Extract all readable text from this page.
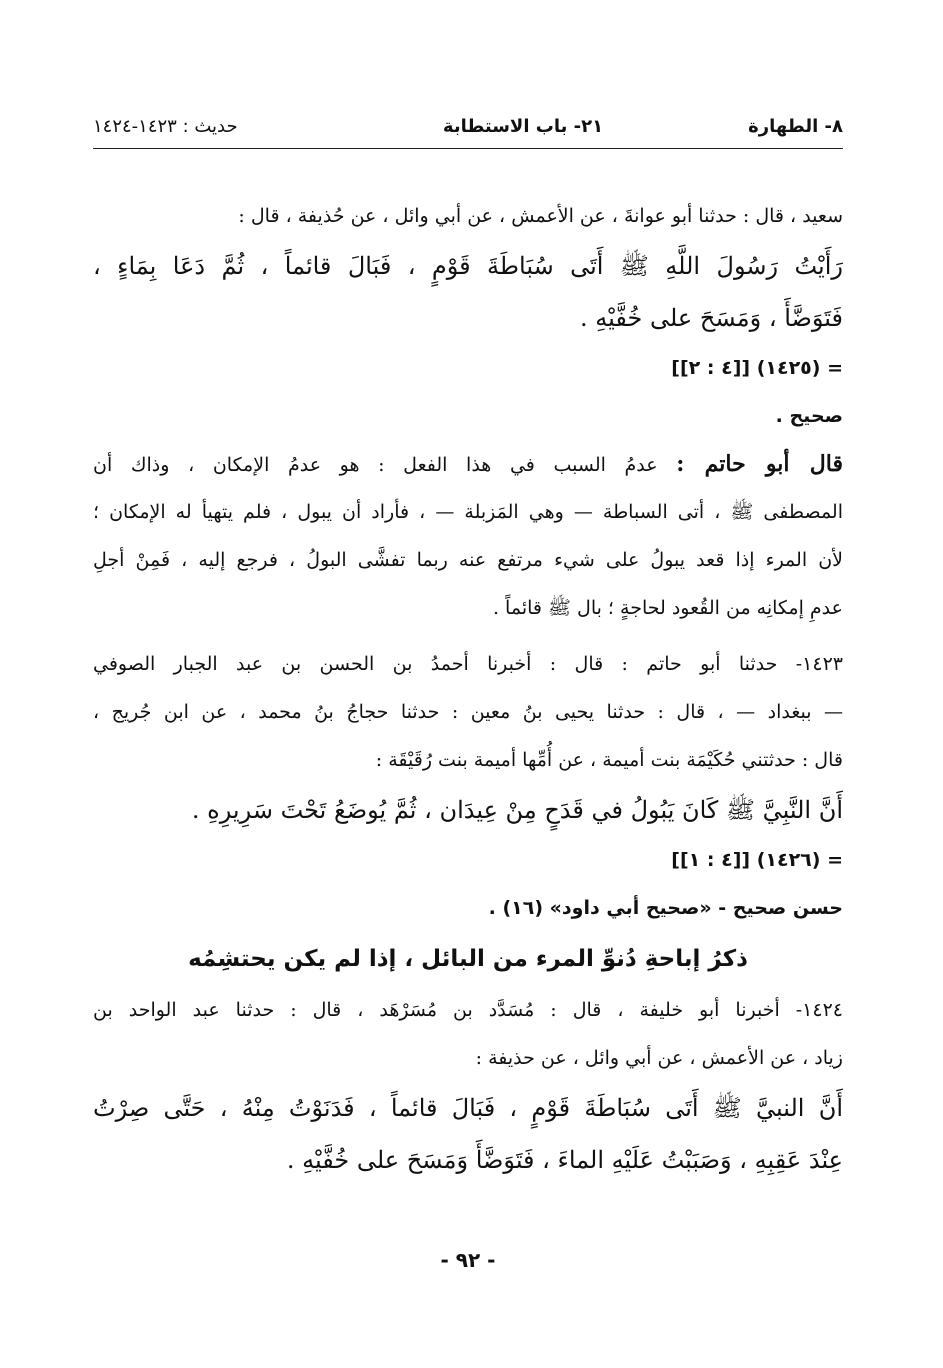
٨- الطهارة
٢١- باب الاستطابة
حديث : ١٤٢٣-١٤٢٤
سعيد ، قال : حدثنا أبو عوانةَ ، عن الأعمش ، عن أبي وائل ، عن حُذيفة ، قال :
رَأَيْتُ رَسُولَ اللَّهِ ﷺ أَتَى سُبَاطَةَ قَوْمٍ ، فَبَالَ قائماً ، ثُمَّ دَعَا بِمَاءٍ ،
فَتَوَضَّأَ ، وَمَسَحَ على خُفَّيْهِ .
= (١٤٢٥) [[٤ : ٢]]
صحيح .
قال أبو حاتم : عدمُ السبب في هذا الفعل : هو عدمُ الإمكان ، وذاك أن
المصطفى ﷺ ، أتى السباطة — وهي المَزبلة — ، فأراد أن يبول ، فلم يتهيأ له الإمكان ؛
لأن المرء إذا قعد يبولُ على شيء مرتفع عنه ربما تفشَّى البولُ ، فرجع إليه ، فَمِنْ أجلِ
عدمِ إمكانِه من القُعود لحاجةٍ ؛ بال ﷺ قائماً .
١٤٢٣- حدثنا أبو حاتم : قال : أخبرنا أحمدُ بن الحسن بن عبد الجبار الصوفي
— ببغداد — ، قال : حدثنا يحيى بنُ معين : حدثنا حجاجُ بنُ محمد ، عن ابن جُريج ،
قال : حدثتني حُكَيْمَة بنت أميمة ، عن أُمِّها أميمة بنت رُقَيْقَة :
أَنَّ النَّبِيَّ ﷺ كَانَ يَبُولُ في قَدَحٍ مِنْ عِيدَان ، ثُمَّ يُوضَعُ تَحْتَ سَرِيرِهِ .
= (١٤٢٦) [[٤ : ١]]
حسن صحيح - «صحيح أبي داود» (١٦) .
ذكرُ إباحةِ دُنوِّ المرء من البائل ، إذا لم يكن يحتشِمُه
١٤٢٤- أخبرنا أبو خليفة ، قال : مُسَدَّد بن مُسَرْهَد ، قال : حدثنا عبد الواحد بن
زياد ، عن الأعمش ، عن أبي وائل ، عن حذيفة :
أَنَّ النبيَّ ﷺ أَتَى سُبَاطَةَ قَوْمٍ ، فَبَالَ قائماً ، فَدَنَوْتُ مِنْهُ ، حَتَّى صِرْتُ
عِنْدَ عَقِبِهِ ، وَصَبَبْتُ عَلَيْهِ الماءَ ، فَتَوَضَّأَ وَمَسَحَ على خُفَّيْهِ .
- ٩٢ -
